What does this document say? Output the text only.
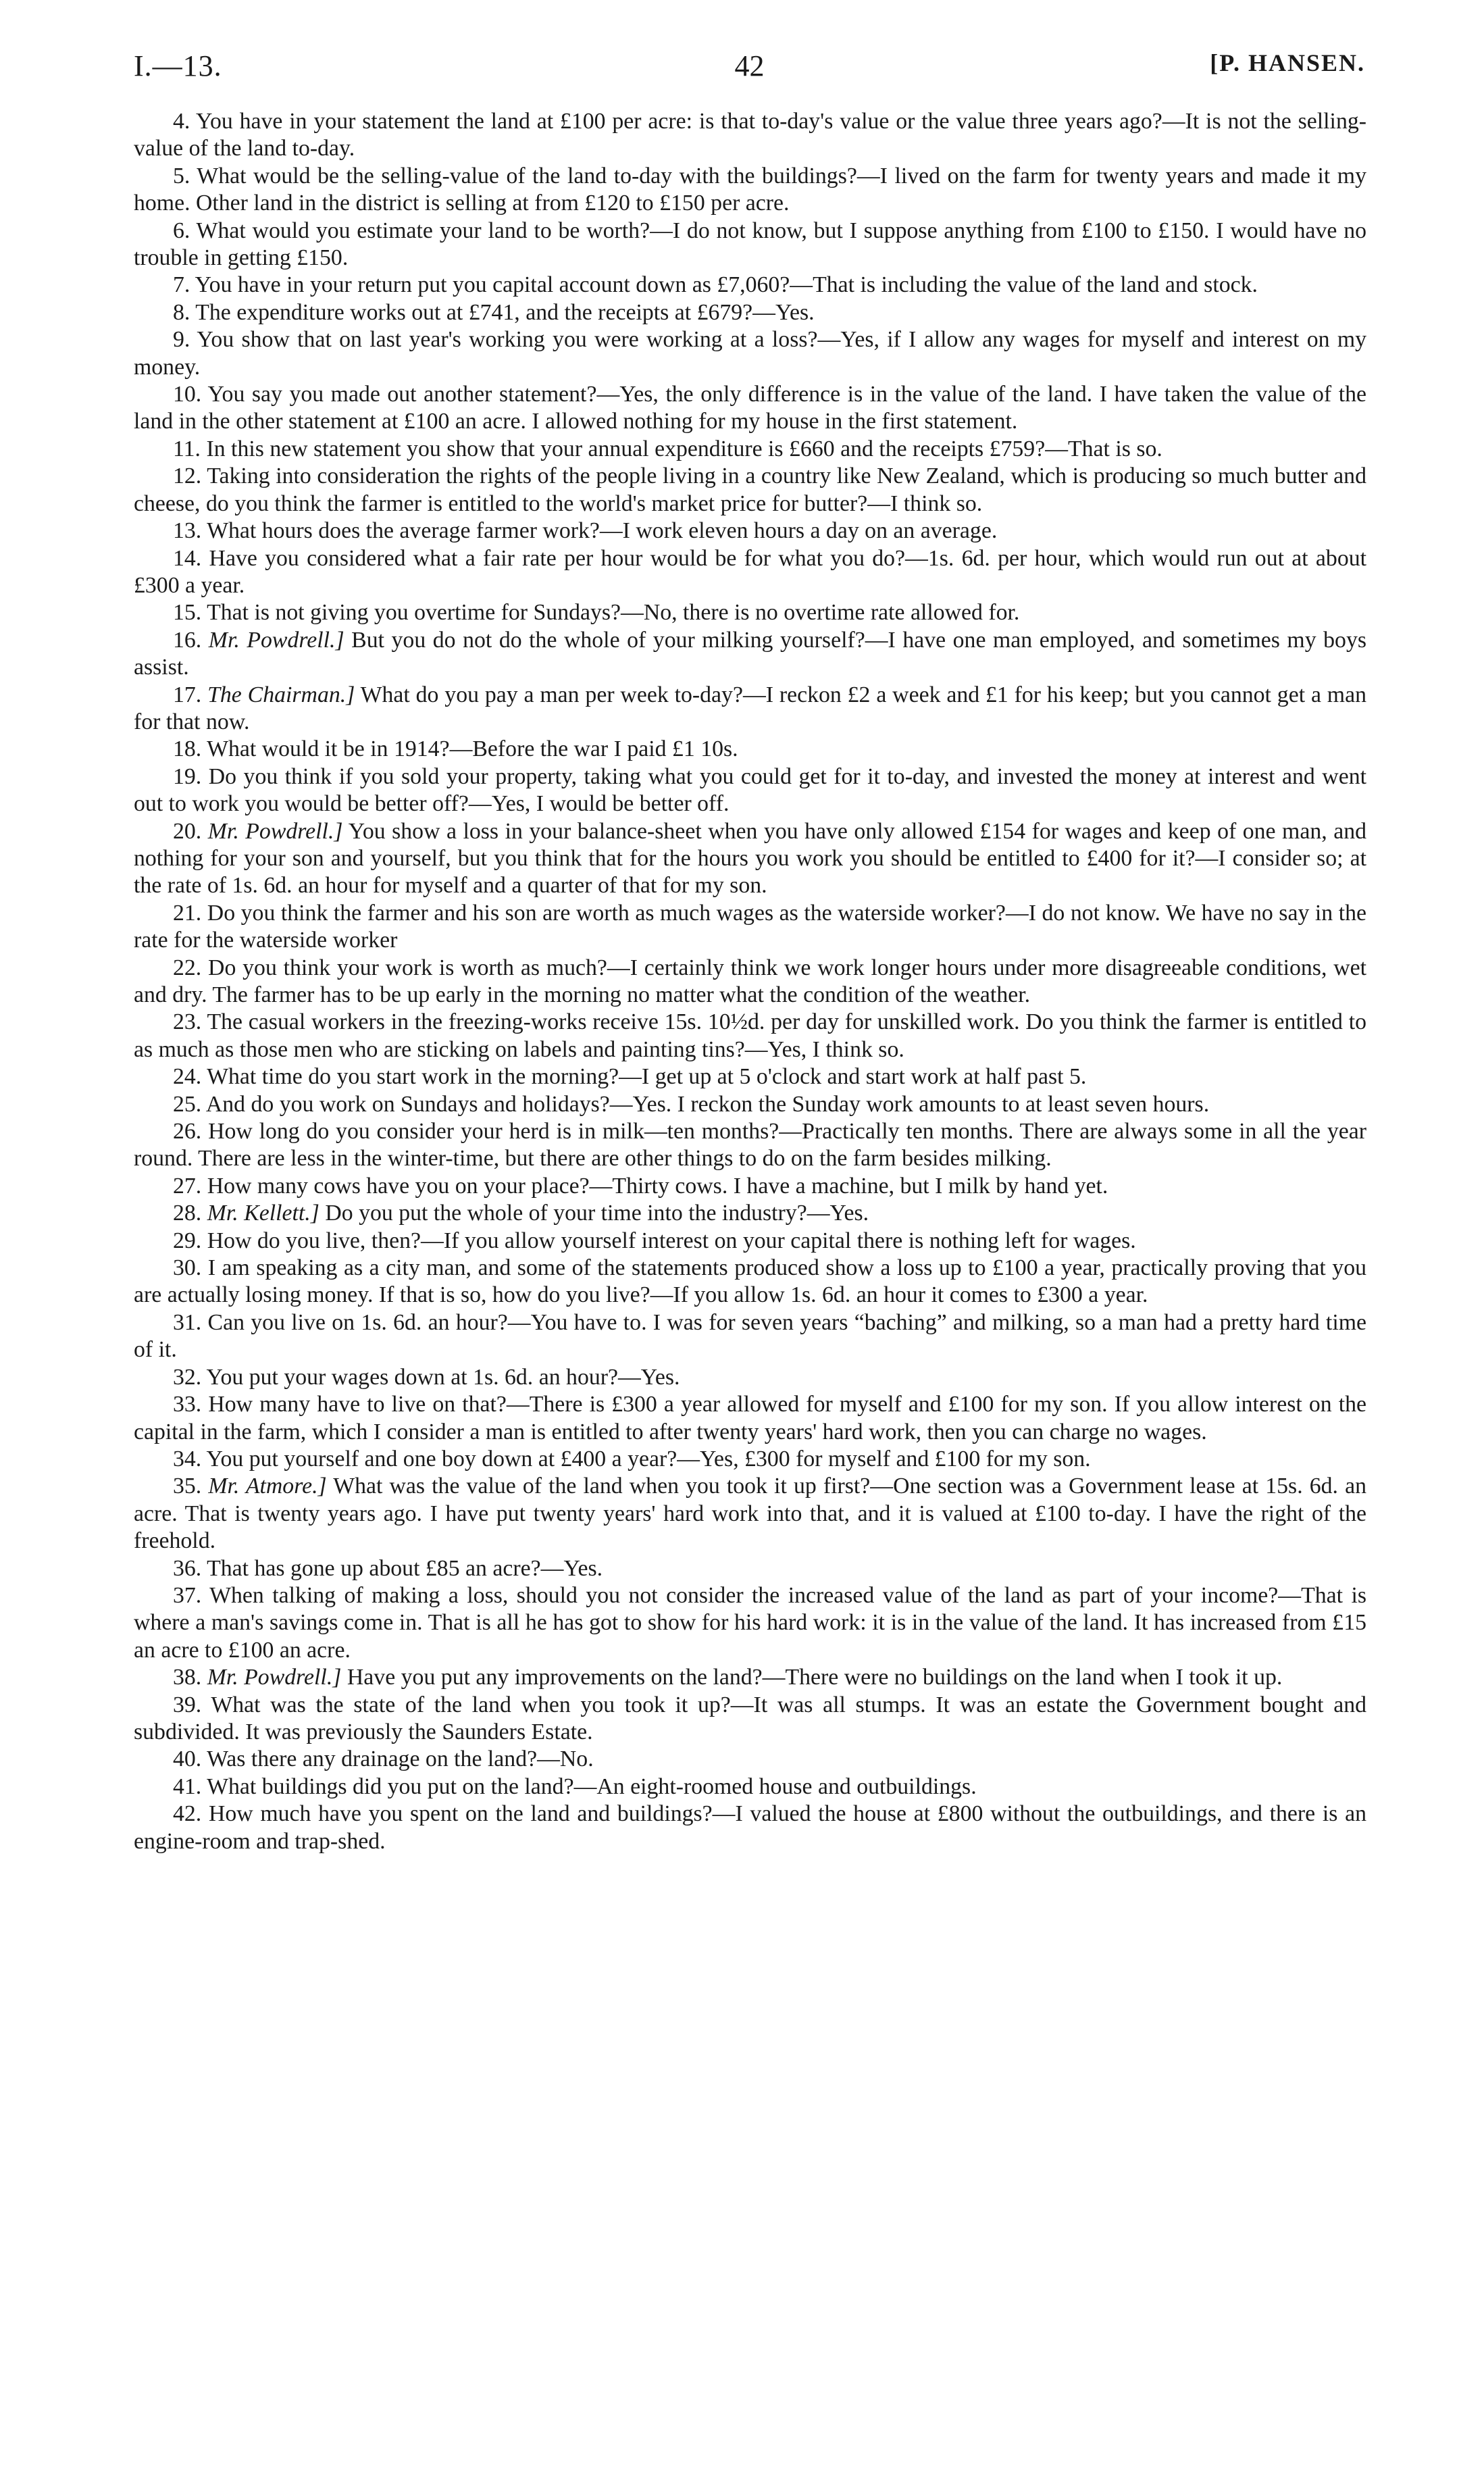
I.—13.	42	[P. HANSEN.

4. You have in your statement the land at £100 per acre: is that to-day's value or the value three years ago?—It is not the selling-value of the land to-day.

5. What would be the selling-value of the land to-day with the buildings?—I lived on the farm for twenty years and made it my home. Other land in the district is selling at from £120 to £150 per acre.

6. What would you estimate your land to be worth?—I do not know, but I suppose anything from £100 to £150. I would have no trouble in getting £150.

7. You have in your return put you capital account down as £7,060?—That is including the value of the land and stock.

8. The expenditure works out at £741, and the receipts at £679?—Yes.

9. You show that on last year's working you were working at a loss?—Yes, if I allow any wages for myself and interest on my money.

10. You say you made out another statement?—Yes, the only difference is in the value of the land. I have taken the value of the land in the other statement at £100 an acre. I allowed nothing for my house in the first statement.

11. In this new statement you show that your annual expenditure is £660 and the receipts £759?—That is so.

12. Taking into consideration the rights of the people living in a country like New Zealand, which is producing so much butter and cheese, do you think the farmer is entitled to the world's market price for butter?—I think so.

13. What hours does the average farmer work?—I work eleven hours a day on an average.

14. Have you considered what a fair rate per hour would be for what you do?—1s. 6d. per hour, which would run out at about £300 a year.

15. That is not giving you overtime for Sundays?—No, there is no overtime rate allowed for.

16. Mr. Powdrell.] But you do not do the whole of your milking yourself?—I have one man employed, and sometimes my boys assist.

17. The Chairman.] What do you pay a man per week to-day?—I reckon £2 a week and £1 for his keep; but you cannot get a man for that now.

18. What would it be in 1914?—Before the war I paid £1 10s.

19. Do you think if you sold your property, taking what you could get for it to-day, and invested the money at interest and went out to work you would be better off?—Yes, I would be better off.

20. Mr. Powdrell.] You show a loss in your balance-sheet when you have only allowed £154 for wages and keep of one man, and nothing for your son and yourself, but you think that for the hours you work you should be entitled to £400 for it?—I consider so; at the rate of 1s. 6d. an hour for myself and a quarter of that for my son.

21. Do you think the farmer and his son are worth as much wages as the waterside worker?—I do not know. We have no say in the rate for the waterside worker

22. Do you think your work is worth as much?—I certainly think we work longer hours under more disagreeable conditions, wet and dry. The farmer has to be up early in the morning no matter what the condition of the weather.

23. The casual workers in the freezing-works receive 15s. 10½d. per day for unskilled work. Do you think the farmer is entitled to as much as those men who are sticking on labels and painting tins?—Yes, I think so.

24. What time do you start work in the morning?—I get up at 5 o'clock and start work at half past 5.

25. And do you work on Sundays and holidays?—Yes. I reckon the Sunday work amounts to at least seven hours.

26. How long do you consider your herd is in milk—ten months?—Practically ten months. There are always some in all the year round. There are less in the winter-time, but there are other things to do on the farm besides milking.

27. How many cows have you on your place?—Thirty cows. I have a machine, but I milk by hand yet.

28. Mr. Kellett.] Do you put the whole of your time into the industry?—Yes.

29. How do you live, then?—If you allow yourself interest on your capital there is nothing left for wages.

30. I am speaking as a city man, and some of the statements produced show a loss up to £100 a year, practically proving that you are actually losing money. If that is so, how do you live?—If you allow 1s. 6d. an hour it comes to £300 a year.

31. Can you live on 1s. 6d. an hour?—You have to. I was for seven years “baching” and milking, so a man had a pretty hard time of it.

32. You put your wages down at 1s. 6d. an hour?—Yes.

33. How many have to live on that?—There is £300 a year allowed for myself and £100 for my son. If you allow interest on the capital in the farm, which I consider a man is entitled to after twenty years' hard work, then you can charge no wages.

34. You put yourself and one boy down at £400 a year?—Yes, £300 for myself and £100 for my son.

35. Mr. Atmore.] What was the value of the land when you took it up first?—One section was a Government lease at 15s. 6d. an acre. That is twenty years ago. I have put twenty years' hard work into that, and it is valued at £100 to-day. I have the right of the freehold.

36. That has gone up about £85 an acre?—Yes.

37. When talking of making a loss, should you not consider the increased value of the land as part of your income?—That is where a man's savings come in. That is all he has got to show for his hard work: it is in the value of the land. It has increased from £15 an acre to £100 an acre.

38. Mr. Powdrell.] Have you put any improvements on the land?—There were no buildings on the land when I took it up.

39. What was the state of the land when you took it up?—It was all stumps. It was an estate the Government bought and subdivided. It was previously the Saunders Estate.

40. Was there any drainage on the land?—No.

41. What buildings did you put on the land?—An eight-roomed house and outbuildings.

42. How much have you spent on the land and buildings?—I valued the house at £800 without the outbuildings, and there is an engine-room and trap-shed.
